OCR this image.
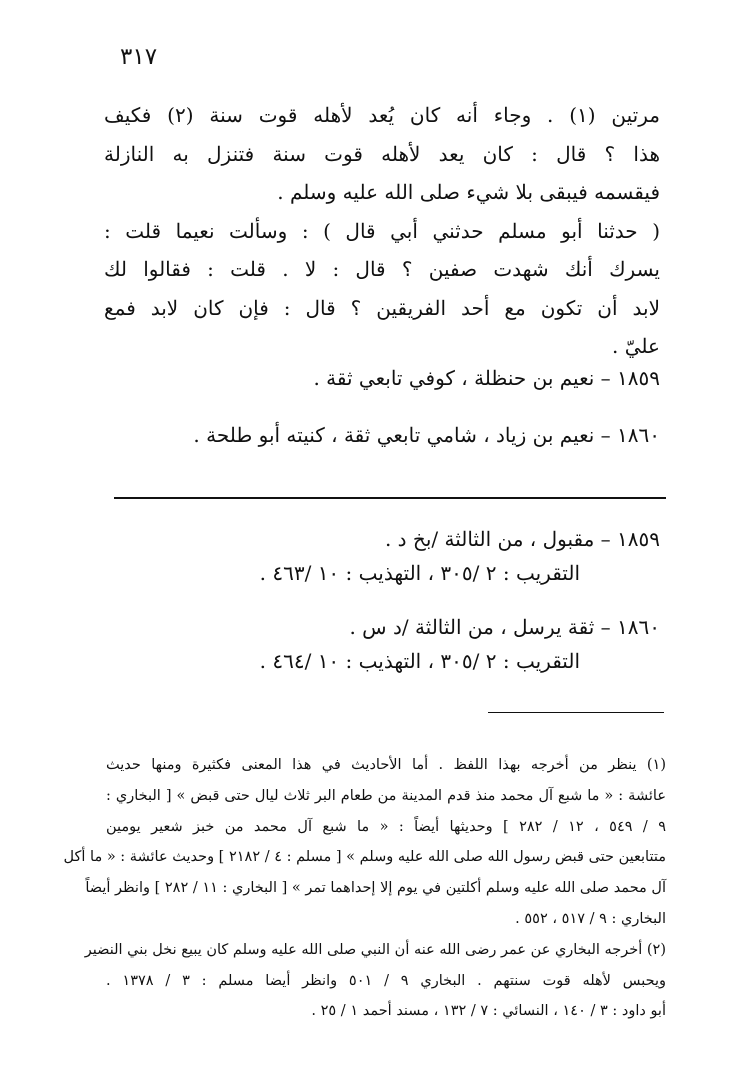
٣١٧
مرتين (١) . وجاء أنه كان يُعد لأهله قوت سنة (٢) فكيف
هذا ؟ قال : كان يعد لأهله قوت سنة فتنزل به النازلة
فيقسمه فيبقى بلا شيء صلى الله عليه وسلم .
( حدثنا أبو مسلم حدثني أبي قال ) : وسألت نعيما قلت :
يسرك أنك شهدت صفين ؟ قال : لا . قلت : فقالوا لك
لابد أن تكون مع أحد الفريقين ؟ قال : فإن كان لابد فمع
عليّ .
١٨٥٩ – نعيم بن حنظلة ، كوفي تابعي ثقة .
١٨٦٠ – نعيم بن زياد ، شامي تابعي ثقة ، كنيته أبو طلحة .
١٨٥٩ – مقبول ، من الثالثة /بخ د .
التقريب : ٢ /٣٠٥ ، التهذيب : ١٠ /٤٦٣ .
١٨٦٠ – ثقة يرسل ، من الثالثة /د س .
التقريب : ٢ /٣٠٥ ، التهذيب : ١٠ /٤٦٤ .
(١) ينظر من أخرجه بهذا اللفظ . أما الأحاديث في هذا المعنى فكثيرة ومنها حديث
عائشة : « ما شبع آل محمد منذ قدم المدينة من طعام البر ثلاث ليال حتى قبض » [ البخاري :
٩ / ٥٤٩ ، ١٢ / ٢٨٢ ] وحديثها أيضاً : « ما شبع آل محمد من خبز شعير يومين
متتابعين حتى قبض رسول الله صلى الله عليه وسلم » [ مسلم : ٤ / ٢١٨٢ ] وحديث عائشة : « ما أكل
آل محمد صلى الله عليه وسلم أكلتين في يوم إلا إحداهما تمر » [ البخاري : ١١ / ٢٨٢ ] وانظر أيضاً
البخاري : ٩ / ٥١٧ ، ٥٥٢ .
(٢) أخرجه البخاري عن عمر رضى الله عنه أن النبي صلى الله عليه وسلم كان يبيع نخل بني النضير
ويحبس لأهله قوت سنتهم . البخاري ٩ / ٥٠١ وانظر أيضا مسلم : ٣ / ١٣٧٨ .
أبو داود : ٣ / ١٤٠ ، النسائي : ٧ / ١٣٢ ، مسند أحمد ١ / ٢٥ .
